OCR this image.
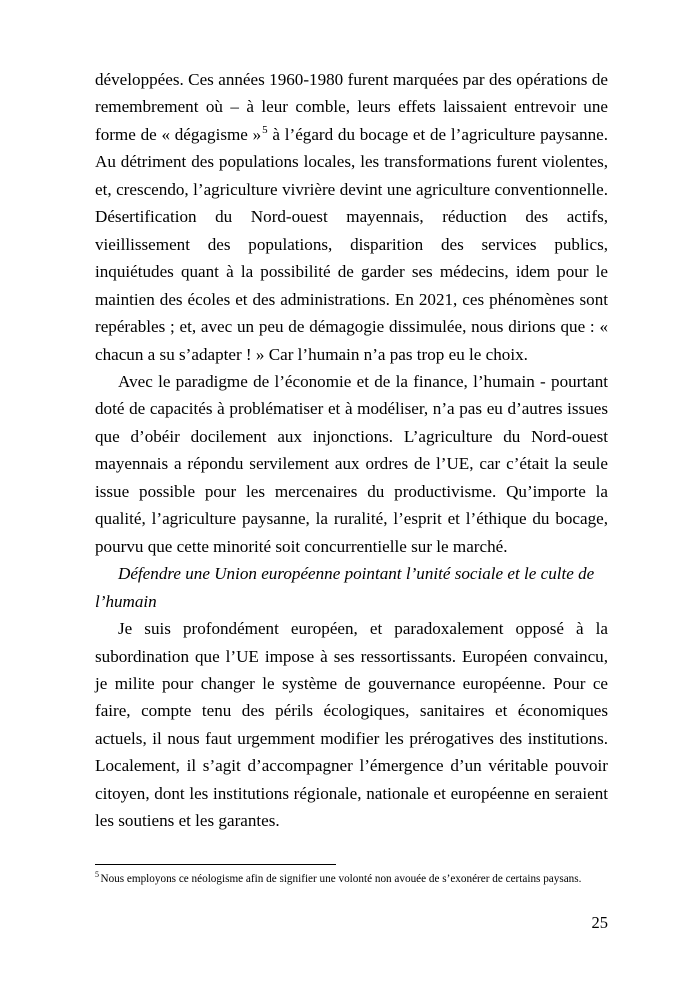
développées. Ces années 1960-1980 furent marquées par des opérations de remembrement où – à leur comble, leurs effets laissaient entrevoir une forme de « dégagisme »$^5$ à l’égard du bocage et de l’agriculture paysanne. Au détriment des populations locales, les transformations furent violentes, et, crescendo, l’agriculture vivrière devint une agriculture conventionnelle. Désertification du Nord-ouest mayennais, réduction des actifs, vieillissement des populations, disparition des services publics, inquiétudes quant à la possibilité de garder ses médecins, idem pour le maintien des écoles et des administrations. En 2021, ces phénomènes sont repérables ; et, avec un peu de démagogie dissimulée, nous dirions que : « chacun a su s’adapter ! » Car l’humain n’a pas trop eu le choix.

Avec le paradigme de l’économie et de la finance, l’humain - pourtant doté de capacités à problématiser et à modéliser, n’a pas eu d’autres issues que d’obéir docilement aux injonctions. L’agriculture du Nord-ouest mayennais a répondu servilement aux ordres de l’UE, car c’était la seule issue possible pour les mercenaires du productivisme. Qu’importe la qualité, l’agriculture paysanne, la ruralité, l’esprit et l’éthique du bocage, pourvu que cette minorité soit concurrentielle sur le marché.

Défendre une Union européenne pointant l’unité sociale et le culte de l’humain

Je suis profondément européen, et paradoxalement opposé à la subordination que l’UE impose à ses ressortissants. Européen convaincu, je milite pour changer le système de gouvernance européenne. Pour ce faire, compte tenu des périls écologiques, sanitaires et économiques actuels, il nous faut urgemment modifier les prérogatives des institutions. Localement, il s’agit d’accompagner l’émergence d’un véritable pouvoir citoyen, dont les institutions régionale, nationale et européenne en seraient les soutiens et les garantes.

$^5$ Nous employons ce néologisme afin de signifier une volonté non avouée de s’exonérer de certains paysans.

25
